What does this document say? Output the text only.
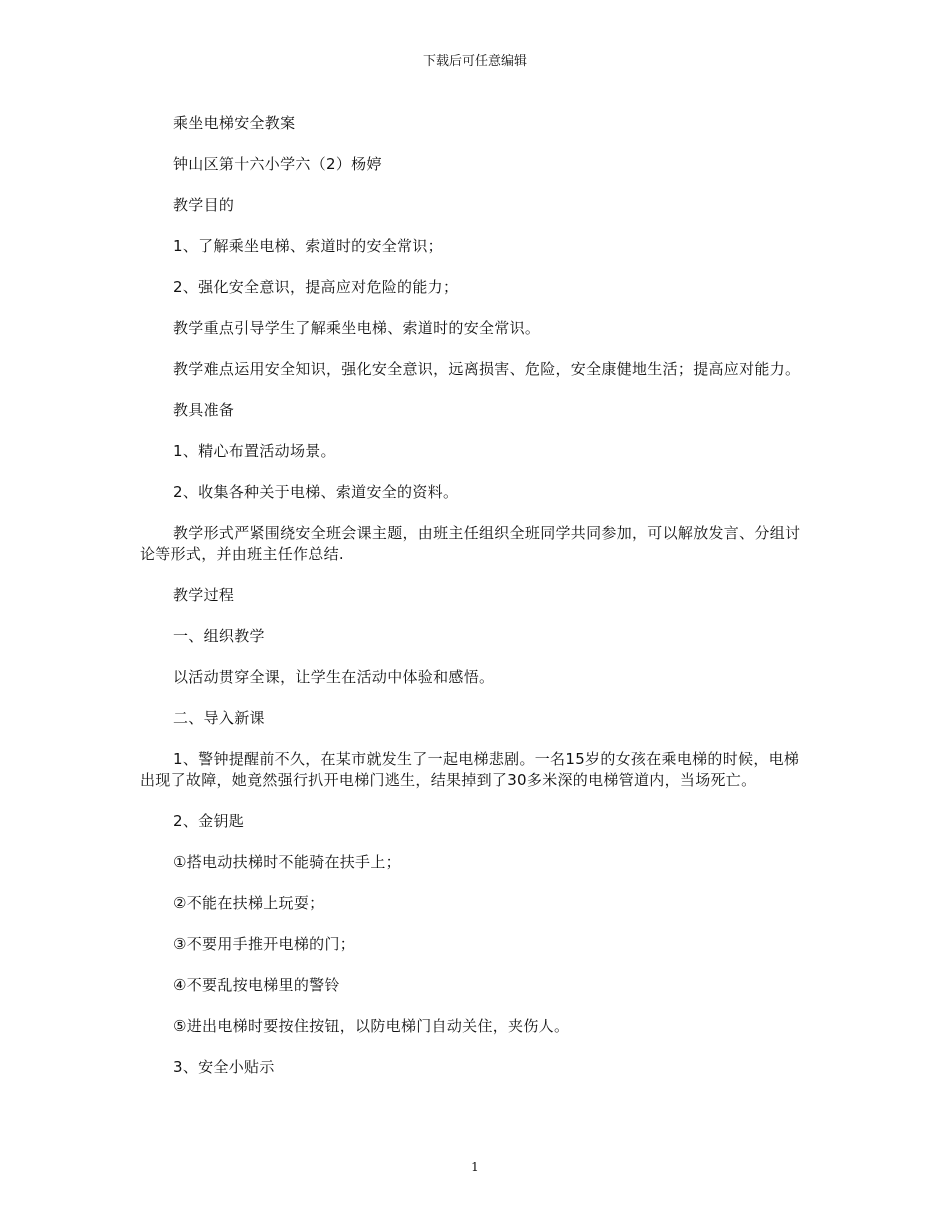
下载后可任意编辑

乘坐电梯安全教案

钟山区第十六小学六（2）杨婷

教学目的

1、了解乘坐电梯、索道时的安全常识；

2、强化安全意识，提高应对危险的能力；

教学重点引导学生了解乘坐电梯、索道时的安全常识。

教学难点运用安全知识，强化安全意识，远离损害、危险，安全康健地生活；提高应对能力。

教具准备

1、精心布置活动场景。

2、收集各种关于电梯、索道安全的资料。

教学形式严紧围绕安全班会课主题，由班主任组织全班同学共同参加，可以解放发言、分组讨论等形式，并由班主任作总结.

教学过程

一、组织教学

以活动贯穿全课，让学生在活动中体验和感悟。

二、导入新课

1、警钟提醒前不久，在某市就发生了一起电梯悲剧。一名15岁的女孩在乘电梯的时候，电梯出现了故障，她竟然强行扒开电梯门逃生，结果掉到了30多米深的电梯管道内，当场死亡。

2、金钥匙

①搭电动扶梯时不能骑在扶手上；

②不能在扶梯上玩耍；

③不要用手推开电梯的门；

④不要乱按电梯里的警铃

⑤进出电梯时要按住按钮，以防电梯门自动关住，夹伤人。

3、安全小贴示

1
